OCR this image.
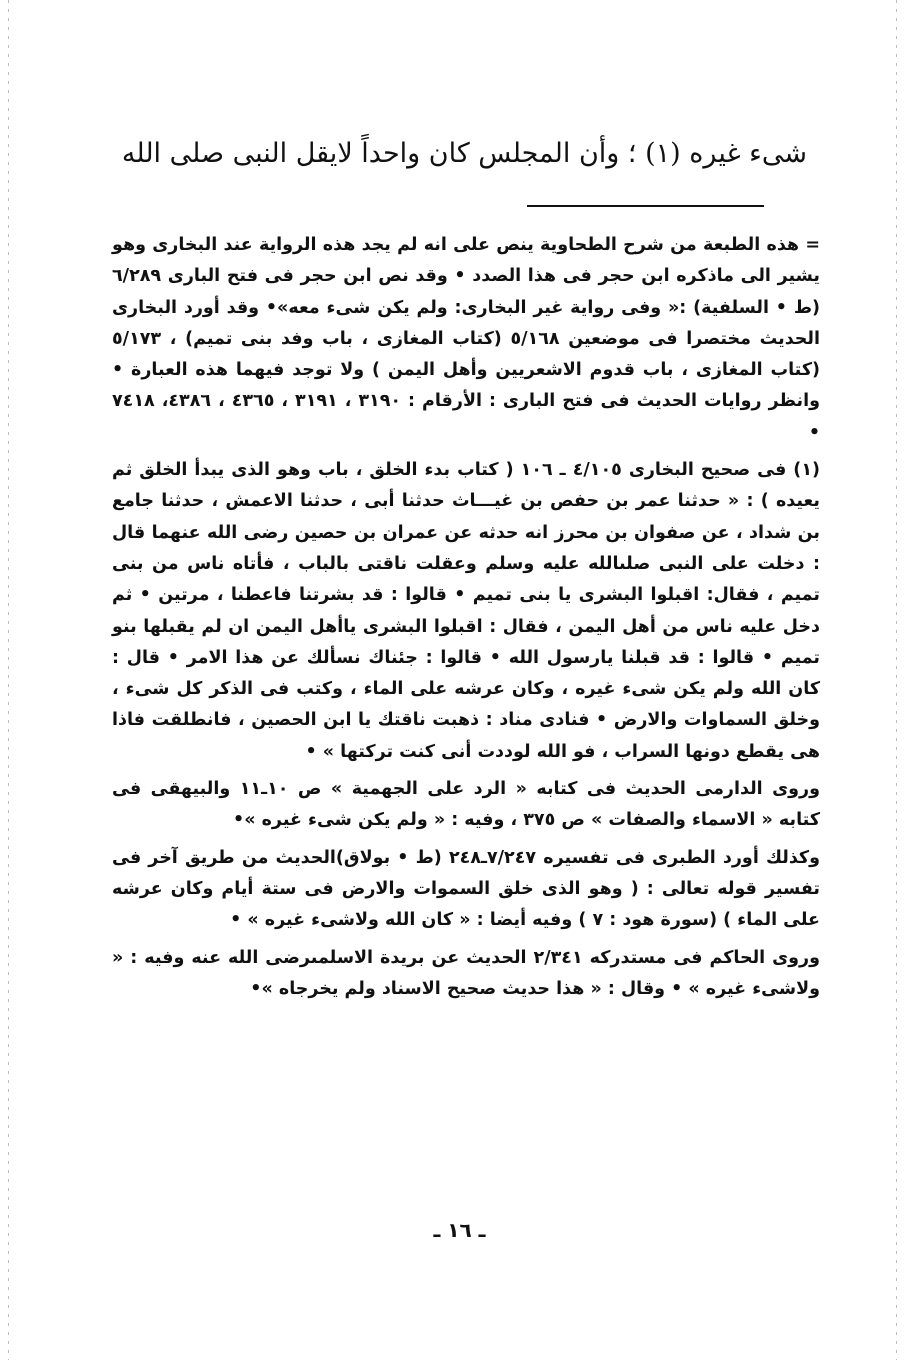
شىء غيره (١) ؛ وأن المجلس كان واحداً لايقل النبى صلى الله

= هذه الطبعة من شرح الطحاوية ينص على انه لم يجد هذه الرواية عند البخارى وهو يشير الى ماذكره ابن حجر فى هذا الصدد • وقد نص ابن حجر فى فتح البارى ٦/٢٨٩ (ط • السلفية) :« وفى رواية غير البخارى: ولم يكن شىء معه»• وقد أورد البخارى الحديث مختصرا فى موضعين ٥/١٦٨ (كتاب المغازى ، باب وفد بنى تميم) ، ٥/١٧٣ (كتاب المغازى ، باب قدوم الاشعريين وأهل اليمن ) ولا توجد فيهما هذه العبارة • وانظر روايات الحديث فى فتح البارى : الأرقام : ٣١٩٠ ، ٣١٩١ ، ٤٣٦٥ ، ٤٣٨٦، ٧٤١٨ •

(١) فى صحيح البخارى ٤/١٠٥ ـ ١٠٦ ( كتاب بدء الخلق ، باب وهو الذى يبدأ الخلق ثم يعيده ) : « حدثنا عمر بن حفص بن غيـــاث حدثنا أبى ، حدثنا الاعمش ، حدثنا جامع بن شداد ، عن صفوان بن محرز انه حدثه عن عمران بن حصين رضى الله عنهما قال : دخلت على النبى صلىالله عليه وسلم وعقلت ناقتى بالباب ، فأتاه ناس من بنى تميم ، فقال: اقبلوا البشرى يا بنى تميم • قالوا : قد بشرتنا فاعطنا ، مرتين • ثم دخل عليه ناس من أهل اليمن ، فقال : اقبلوا البشرى ياأهل اليمن ان لم يقبلها بنو تميم • قالوا : قد قبلنا يارسول الله • قالوا : جئناك نسألك عن هذا الامر • قال : كان الله ولم يكن شىء غيره ، وكان عرشه على الماء ، وكتب فى الذكر كل شىء ، وخلق السماوات والارض • فنادى مناد : ذهبت ناقتك يا ابن الحصين ، فانطلقت فاذا هى يقطع دونها السراب ، فو الله لوددت أنى كنت تركتها » •

وروى الدارمى الحديث فى كتابه « الرد على الجهمية » ص ١٠ـ١١ والبيهقى فى كتابه « الاسماء والصفات » ص ٣٧٥ ، وفيه : « ولم يكن شىء غيره »•

وكذلك أورد الطبرى فى تفسيره ٧/٢٤٧ـ٢٤٨ (ط • بولاق)الحديث من طريق آخر فى تفسير قوله تعالى : ( وهو الذى خلق السموات والارض فى ستة أيام وكان عرشه على الماء ) (سورة هود : ٧ ) وفيه أيضا : « كان الله ولاشىء غيره » •

وروى الحاكم فى مستدركه ٢/٣٤١ الحديث عن بريدة الاسلمىرضى الله عنه وفيه : « ولاشىء غيره » • وقال : « هذا حديث صحيح الاسناد ولم يخرجاه »•

ـ ١٦ ـ
